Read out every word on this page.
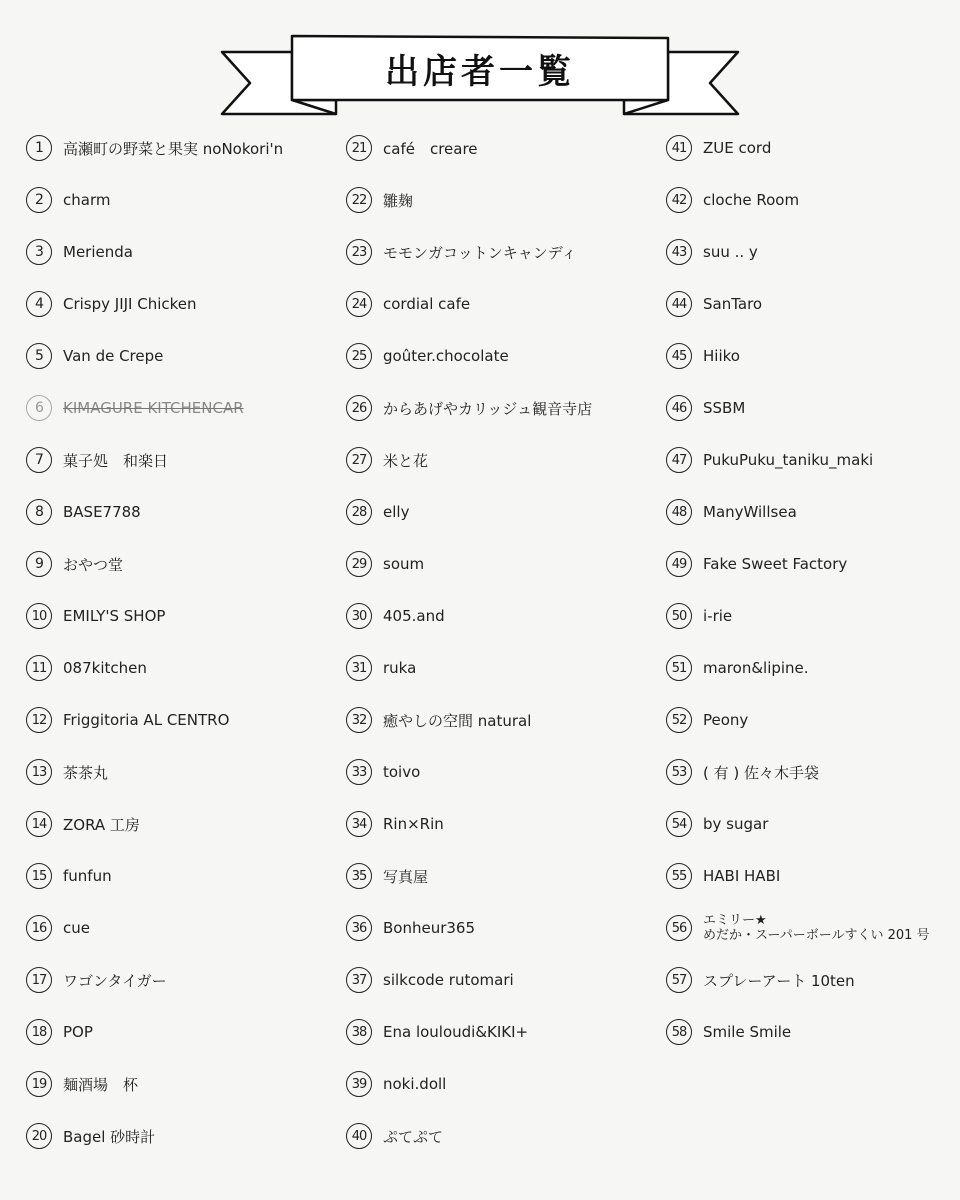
出店者一覧
1	高瀬町の野菜と果実 noNokori'n
2	charm
3	Merienda
4	Crispy JIJI Chicken
5	Van de Crepe
6	KIMAGURE KITCHENCAR
7	菓子処　和楽日
8	BASE7788
9	おやつ堂
10	EMILY'S SHOP
11	087kitchen
12	Friggitoria AL CENTRO
13	茶茶丸
14	ZORA 工房
15	funfun
16	cue
17	ワゴンタイガー
18	POP
19	麺酒場　杯
20	Bagel 砂時計
21	café　creare
22	雛麹
23	モモンガコットンキャンディ
24	cordial cafe
25	goûter.chocolate
26	からあげやカリッジュ観音寺店
27	米と花
28	elly
29	soum
30	405.and
31	ruka
32	癒やしの空間 natural
33	toivo
34	Rin×Rin
35	写真屋
36	Bonheur365
37	silkcode rutomari
38	Ena louloudi&KIKI+
39	noki.doll
40	ぷてぷて
41	ZUE cord
42	cloche Room
43	suu .. y
44	SanTaro
45	Hiiko
46	SSBM
47	PukuPuku_taniku_maki
48	ManyWillsea
49	Fake Sweet Factory
50	i-rie
51	maron&lipine.
52	Peony
53	( 有 ) 佐々木手袋
54	by sugar
55	HABI HABI
56	エミリー★
めだか・スーパーボールすくい 201 号
57	スプレーアート 10ten
58	Smile Smile
